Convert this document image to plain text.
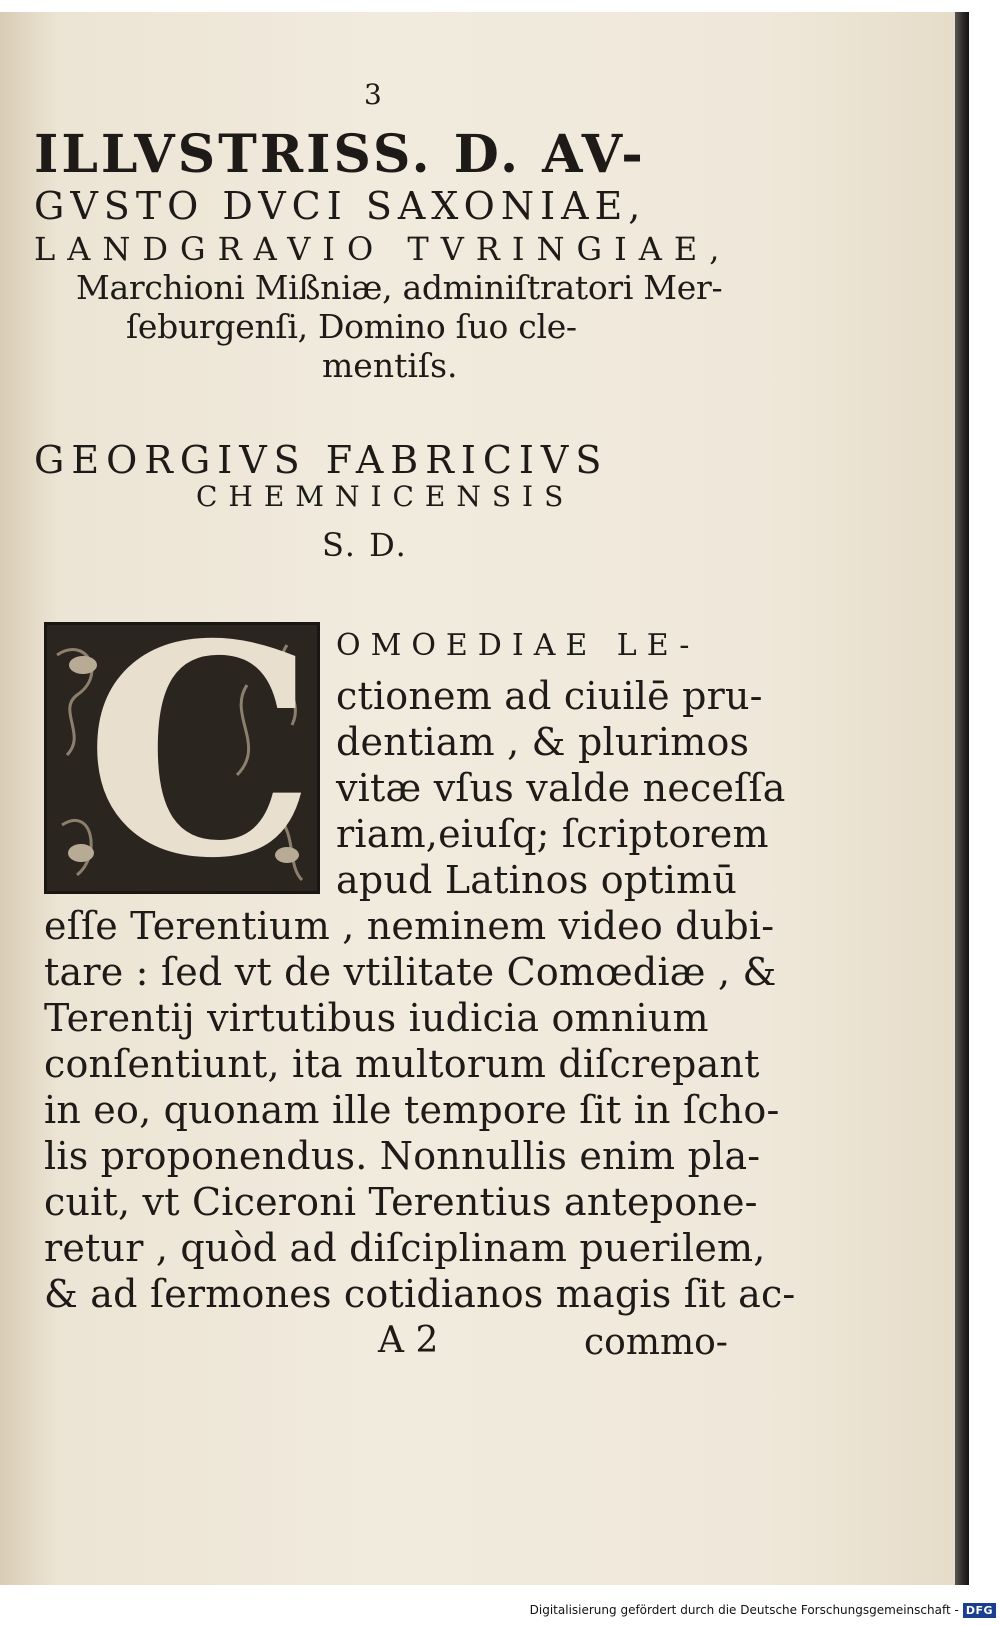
3
ILLVSTRISS. D. AV-
GVSTO DVCI SAXONIAE,
LANDGRAVIO TVRINGIAE,
Marchioni Mißniæ, adminiſtratori Mer-
ſeburgenſi, Domino ſuo cle-
mentiſs.
GEORGIVS FABRICIVS
CHEMNICENSIS
S. D.
C OMOEDIAE LE-
ctionem ad ciuilē pru-
dentiam , & plurimos
vitæ vſus valde neceſſa
riam,eiuſq; ſcriptorem
apud Latinos optimū
eſſe Terentium , neminem video dubi-
tare : ſed vt de vtilitate Comœdiæ , &
Terentij virtutibus iudicia omnium
conſentiunt, ita multorum diſcrepant
in eo, quonam ille tempore ſit in ſcho-
lis proponendus. Nonnullis enim pla-
cuit, vt Ciceroni Terentius antepone-
retur , quòd ad diſciplinam puerilem,
& ad ſermones cotidianos magis ſit ac-
A 2	commo-
Digitalisierung gefördert durch die Deutsche Forschungsgemeinschaft - DFG
